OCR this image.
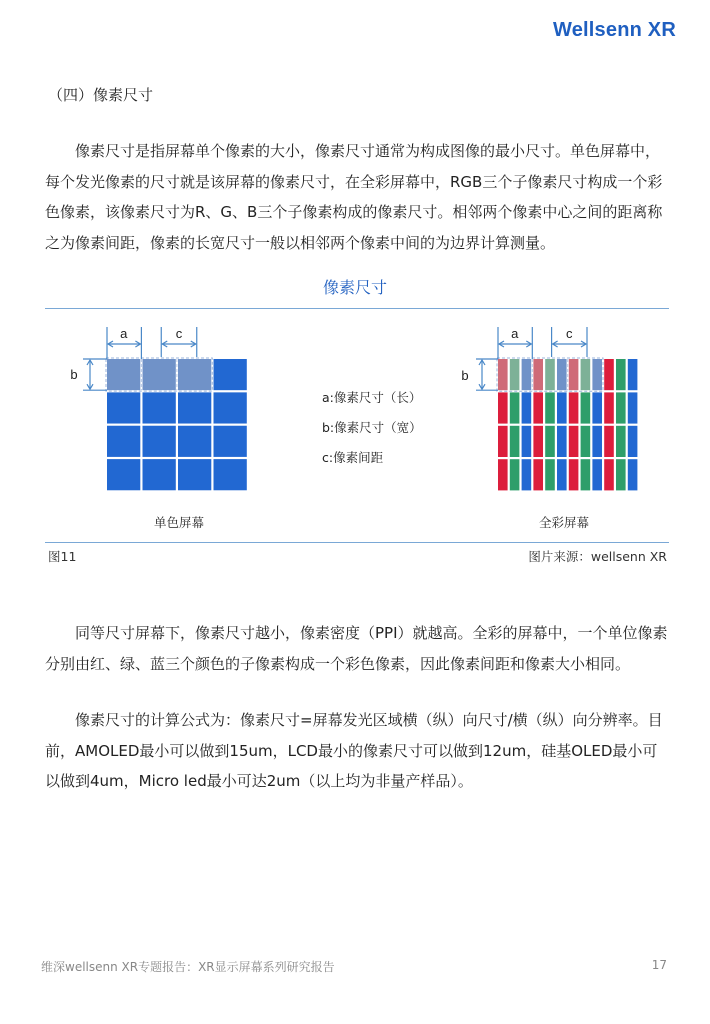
Wellsenn XR
（四）像素尺寸
像素尺寸是指屏幕单个像素的大小，像素尺寸通常为构成图像的最小尺寸。单色屏幕中，每个发光像素的尺寸就是该屏幕的像素尺寸，在全彩屏幕中，RGB三个子像素尺寸构成一个彩色像素，该像素尺寸为R、G、B三个子像素构成的像素尺寸。相邻两个像素中心之间的距离称之为像素间距，像素的长宽尺寸一般以相邻两个像素中间的为边界计算测量。
像素尺寸
a	c
b
a	c
b
单色屏幕	全彩屏幕
a:像素尺寸（长）
b:像素尺寸（宽）
c:像素间距
图11	图片来源：wellsenn XR
同等尺寸屏幕下，像素尺寸越小，像素密度（PPI）就越高。全彩的屏幕中，一个单位像素分别由红、绿、蓝三个颜色的子像素构成一个彩色像素，因此像素间距和像素大小相同。
像素尺寸的计算公式为：像素尺寸=屏幕发光区域横（纵）向尺寸/横（纵）向分辨率。目前，AMOLED最小可以做到15um，LCD最小的像素尺寸可以做到12um，硅基OLED最小可以做到4um，Micro led最小可达2um（以上均为非量产样品）。
维深wellsenn XR专题报告：XR显示屏幕系列研究报告	17
